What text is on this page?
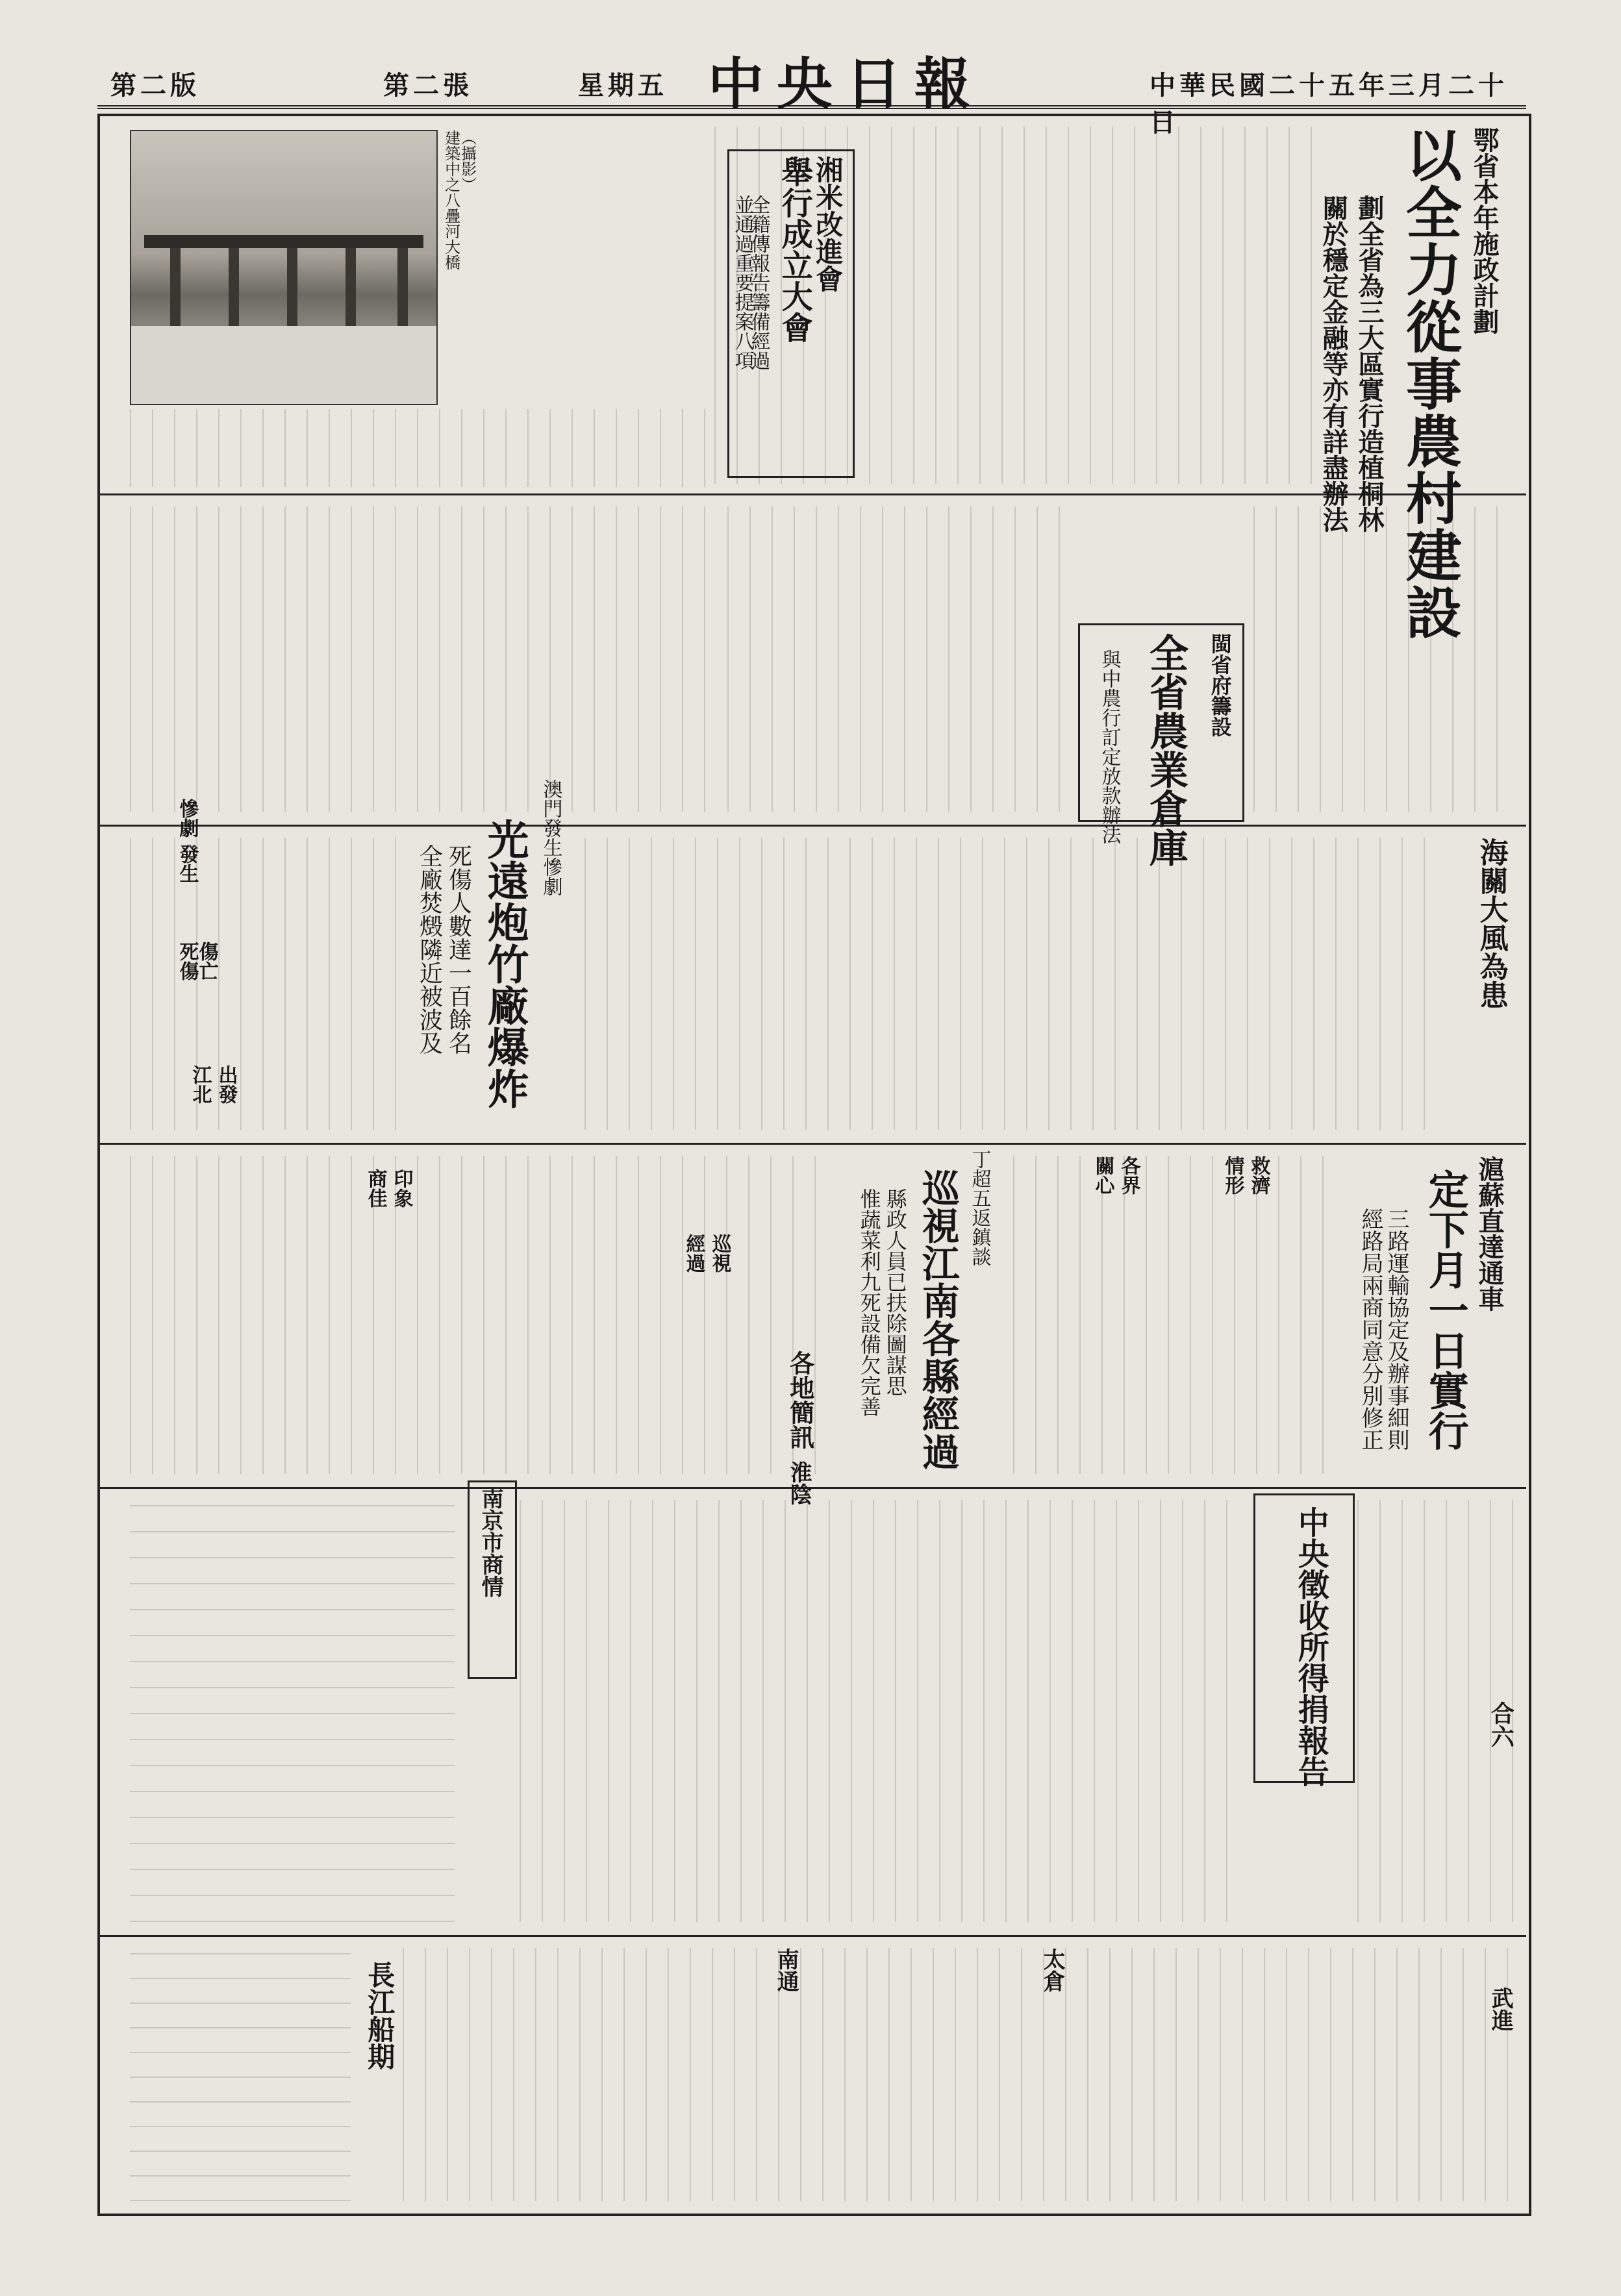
中華民國二十五年三月二十日
星期五
第二張
第二版	中央日報
鄂省本年施政計劃
以全力從事農村建設
劃全省為三大區實行造植桐林
關於穩定金融等亦有詳盡辦法
湘米改進會
舉行成立大會
全籍傳報告籌備經過
並通過重要提案八項
建築中之八疊河大橋
（攝影）
閩省府籌設
全省農業倉庫
與中農行訂定放款辦法
澳門發生慘劇
光遠炮竹廠爆炸
死傷人數達一百餘名
全廠焚燬隣近被波及	海關大風為患
丁超五返鎮談
巡視江南各縣經過
縣政人員已扶除圖謀思
惟蔬菜利九死設備欠完善	滬蘇直達通車
定下月一日實行
三路運輸協定及辦事細則
經路局兩商同意分別修正
中央徵收所得捐報告
南京市商情
各地簡訊
長江船期
慘劇
發生
死傷
傷亡
出發
江北
印象
商佳
巡視
經過
救濟
情形
各界
關心
合六
淮陰
南通	太倉
武進
